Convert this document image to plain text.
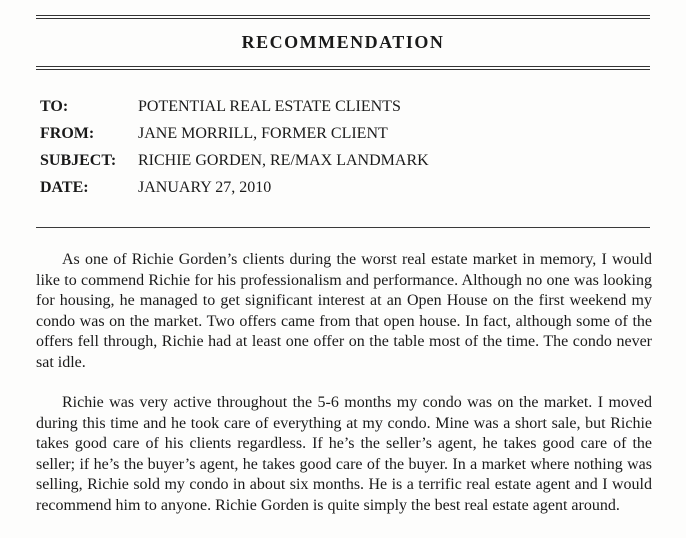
RECOMMENDATION
TO:	POTENTIAL REAL ESTATE CLIENTS
FROM:	JANE MORRILL, FORMER CLIENT
SUBJECT:	RICHIE GORDEN, RE/MAX LANDMARK
DATE:	JANUARY 27, 2010

As one of Richie Gorden’s clients during the worst real estate market in memory, I would like to commend Richie for his professionalism and performance. Although no one was looking for housing, he managed to get significant interest at an Open House on the first weekend my condo was on the market. Two offers came from that open house. In fact, although some of the offers fell through, Richie had at least one offer on the table most of the time. The condo never sat idle.

Richie was very active throughout the 5-6 months my condo was on the market. I moved during this time and he took care of everything at my condo. Mine was a short sale, but Richie takes good care of his clients regardless. If he’s the seller’s agent, he takes good care of the seller; if he’s the buyer’s agent, he takes good care of the buyer. In a market where nothing was selling, Richie sold my condo in about six months. He is a terrific real estate agent and I would recommend him to anyone. Richie Gorden is quite simply the best real estate agent around.
